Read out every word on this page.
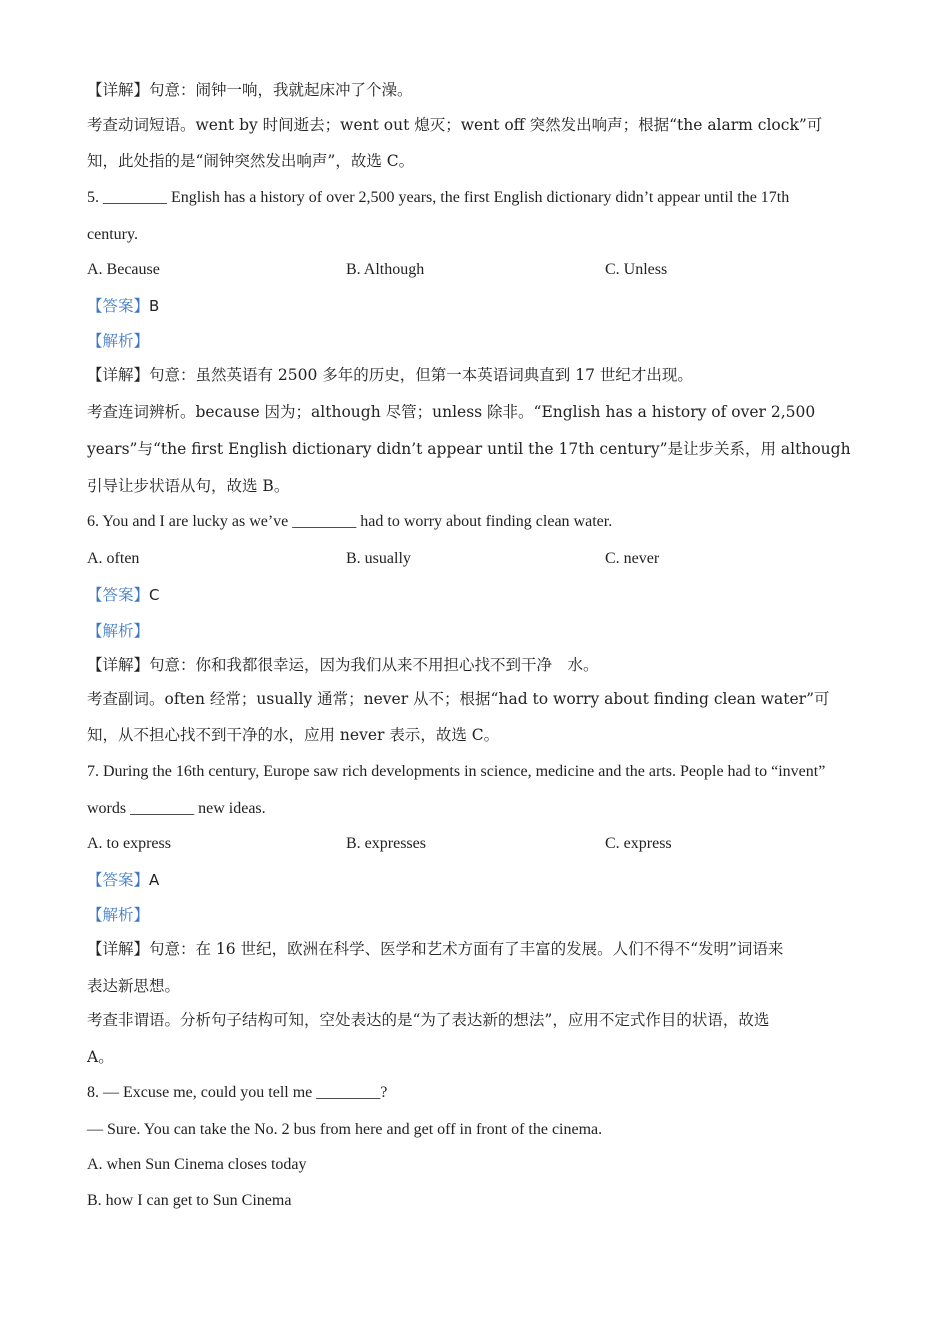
【详解】句意：闹钟一响，我就起床冲了个澡。
考查动词短语。went by 时间逝去；went out 熄灭；went off 突然发出响声；根据“the alarm clock”可
知，此处指的是“闹钟突然发出响声”，故选 C。
5. ________ English has a history of over 2,500 years, the first English dictionary didn’t appear until the 17th
century.
A. Because	B. Although	C. Unless
【答案】B
【解析】
【详解】句意：虽然英语有 2500 多年的历史，但第一本英语词典直到 17 世纪才出现。
考查连词辨析。because 因为；although 尽管；unless 除非。“English has a history of over 2,500
years”与“the first English dictionary didn’t appear until the 17th century”是让步关系，用 although
引导让步状语从句，故选 B。
6. You and I are lucky as we’ve ________ had to worry about finding clean water.
A. often	B. usually	C. never
【答案】C
【解析】
【详解】句意：你和我都很幸运，因为我们从来不用担心找不到干净　水。
考查副词。often 经常；usually 通常；never 从不；根据“had to worry about finding clean water”可
知，从不担心找不到干净的水，应用 never 表示，故选 C。
7. During the 16th century, Europe saw rich developments in science, medicine and the arts. People had to “invent”
words ________ new ideas.
A. to express	B. expresses	C. express
【答案】A
【解析】
【详解】句意：在 16 世纪，欧洲在科学、医学和艺术方面有了丰富的发展。人们不得不“发明”词语来
表达新思想。
考查非谓语。分析句子结构可知，空处表达的是“为了表达新的想法”，应用不定式作目的状语，故选
A。
8. — Excuse me, could you tell me ________?
— Sure. You can take the No. 2 bus from here and get off in front of the cinema.
A. when Sun Cinema closes today
B. how I can get to Sun Cinema
